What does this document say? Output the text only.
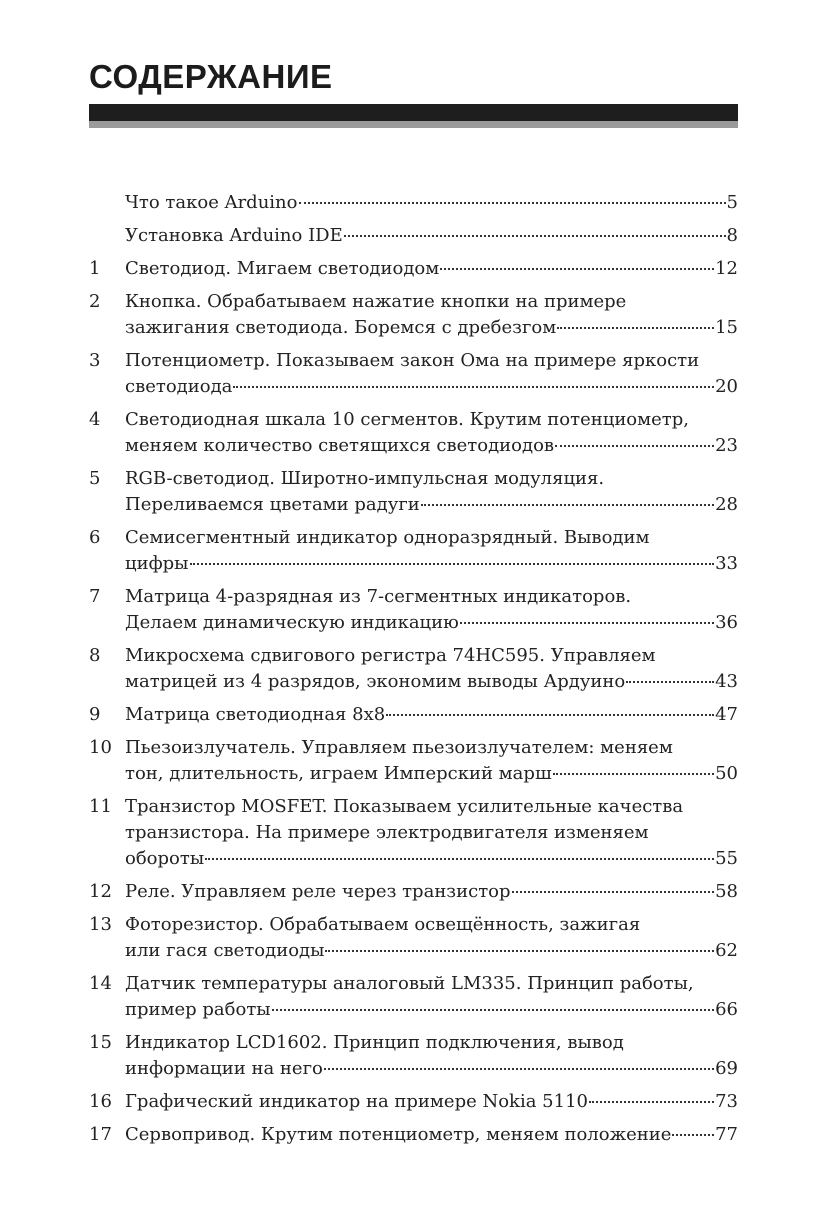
СОДЕРЖАНИЕ
Что такое Arduino	5
Установка Arduino IDE	8
1	Светодиод. Мигаем светодиодом	12
2	Кнопка. Обрабатываем нажатие кнопки на примере
зажигания светодиода. Боремся с дребезгом	15
3	Потенциометр. Показываем закон Ома на примере яркости
светодиода	20
4	Светодиодная шкала 10 сегментов. Крутим потенциометр,
меняем количество светящихся светодиодов	23
5	RGB-светодиод. Широтно-импульсная модуляция.
Переливаемся цветами радуги	28
6	Семисегментный индикатор одноразрядный. Выводим
цифры	33
7	Матрица 4-разрядная из 7-сегментных индикаторов.
Делаем динамическую индикацию	36
8	Микросхема сдвигового регистра 74HC595. Управляем
матрицей из 4 разрядов, экономим выводы Ардуино	43
9	Матрица светодиодная 8х8	47
10 Пьезоизлучатель. Управляем пьезоизлучателем: меняем
тон, длительность, играем Имперский марш	50
11 Транзистор MOSFET. Показываем усилительные качества
транзистора. На примере электродвигателя изменяем
обороты	55
12 Реле. Управляем реле через транзистор	58
13 Фоторезистор. Обрабатываем освещённость, зажигая
или гася светодиоды	62
14 Датчик температуры аналоговый LM335. Принцип работы,
пример работы	66
15 Индикатор LCD1602. Принцип подключения, вывод
информации на него	69
16 Графический индикатор на примере Nokia 5110	73
17 Сервопривод. Крутим потенциометр, меняем положение 77
